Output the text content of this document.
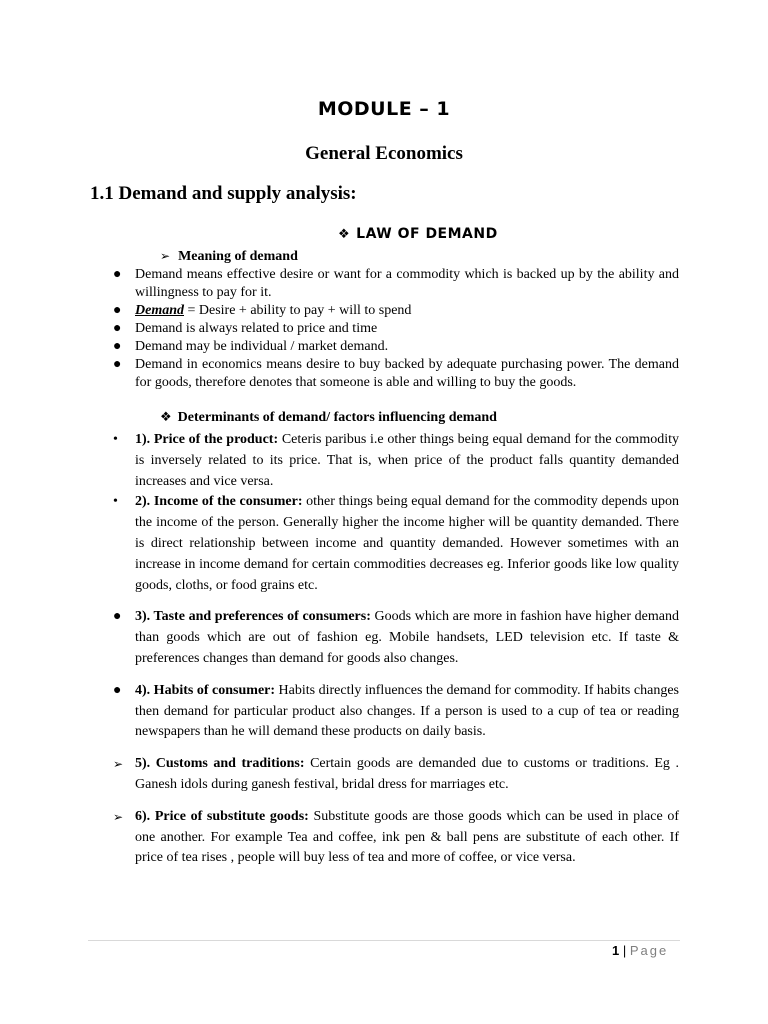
MODULE – 1
General Economics
1.1 Demand and supply analysis:
❖ LAW OF DEMAND
➢ Meaning of demand
● Demand means effective desire or want for a commodity which is backed up by the ability and willingness to pay for it.
● Demand = Desire + ability to pay + will to spend
● Demand is always related to price and time
● Demand may be individual / market demand.
● Demand in economics means desire to buy backed by adequate purchasing power. The demand for goods, therefore denotes that someone is able and willing to buy the goods.
❖ Determinants of demand/ factors influencing demand
• 1). Price of the product: Ceteris paribus i.e other things being equal demand for the commodity is inversely related to its price. That is, when price of the product falls quantity demanded increases and vice versa.
• 2). Income of the consumer: other things being equal demand for the commodity depends upon the income of the person. Generally higher the income higher will be quantity demanded. There is direct relationship between income and quantity demanded. However sometimes with an increase in income demand for certain commodities decreases eg. Inferior goods like low quality goods, cloths, or food grains etc.
● 3). Taste and preferences of consumers: Goods which are more in fashion have higher demand than goods which are out of fashion eg. Mobile handsets, LED television etc. If taste & preferences changes than demand for goods also changes.
● 4). Habits of consumer: Habits directly influences the demand for commodity. If habits changes then demand for particular product also changes. If a person is used to a cup of tea or reading newspapers than he will demand these products on daily basis.
➢ 5). Customs and traditions: Certain goods are demanded due to customs or traditions. Eg . Ganesh idols during ganesh festival, bridal dress for marriages etc.
➢ 6). Price of substitute goods: Substitute goods are those goods which can be used in place of one another. For example Tea and coffee, ink pen & ball pens are substitute of each other. If price of tea rises , people will buy less of tea and more of coffee, or vice versa.
1 | Page
